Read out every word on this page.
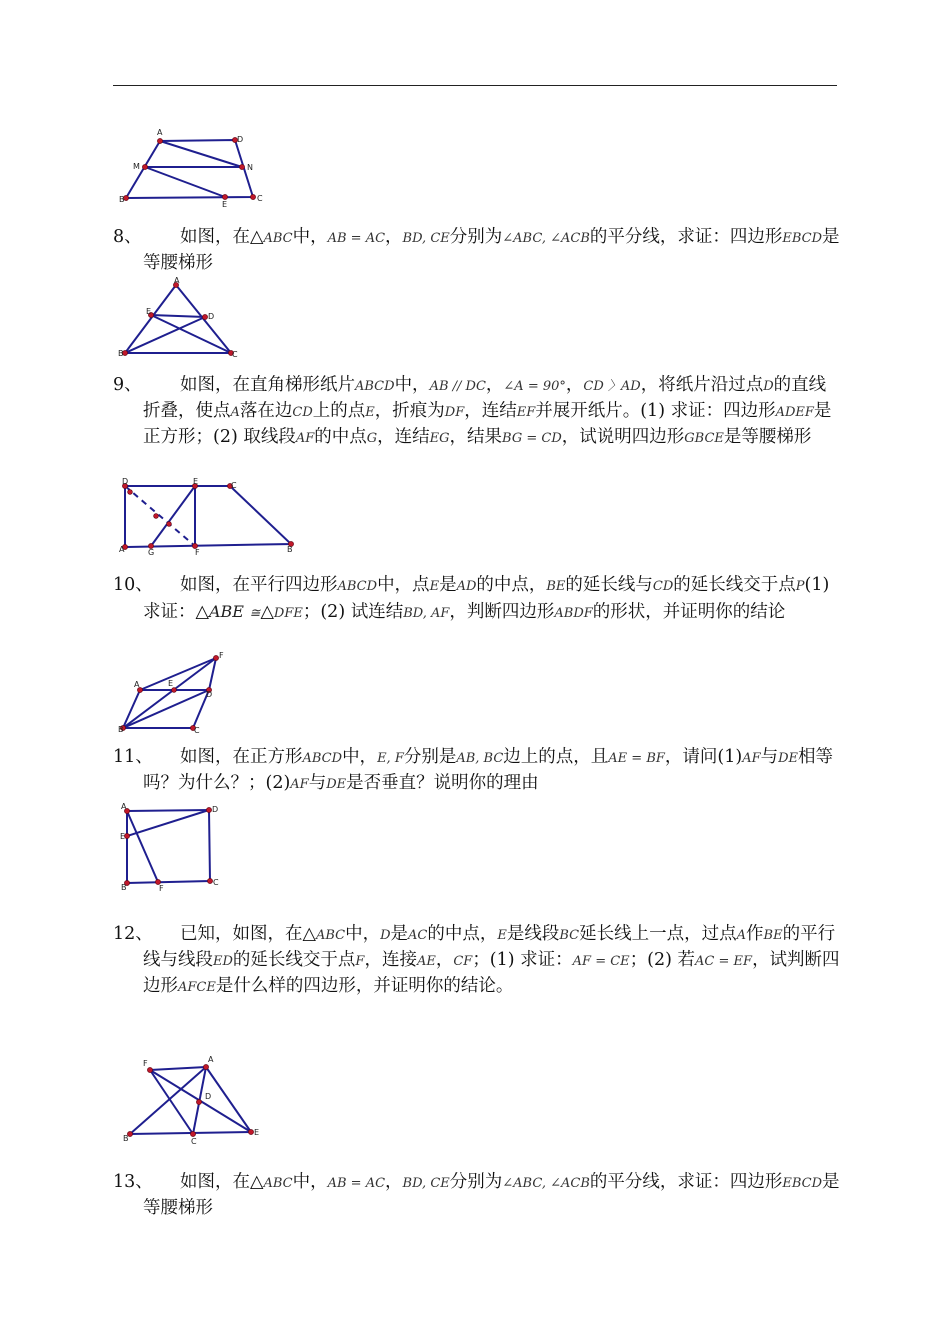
A
D
M	N
B
E
C
8、	如图，在△ABC中，AB = AC，BD, CE分别为∠ABC, ∠ACB的平分线，求证：四边形EBCD是等腰梯形
A
E
D
B	C
9、	如图，在直角梯形纸片ABCD中，AB // DC，∠A = 90°，CD 〉AD，将纸片沿过点D的直线折叠，使点A落在边CD上的点E，折痕为DF，连结EF并展开纸片。(1) 求证：四边形ADEF是正方形；(2) 取线段AF的中点G，连结EG，结果BG = CD，试说明四边形GBCE是等腰梯形
D	E	C
A	G	F	B
10、	如图，在平行四边形ABCD中，点E是AD的中点，BE的延长线与CD的延长线交于点P(1) 求证：△ABE ≅△DFE；(2) 试连结BD, AF，判断四边形ABDF的形状，并证明你的结论
F
A	E
D
B	C
11、	如图，在正方形ABCD中，E, F分别是AB, BC边上的点，且AE = BF，请问(1)AF与DE相等吗？为什么？；(2)AF与DE是否垂直？说明你的理由
A	D
E
B	F
C
12、	已知，如图，在△ABC中，D是AC的中点，E是线段BC延长线上一点，过点A作BE的平行线与线段ED的延长线交于点F，连接AE，CF；(1) 求证：AF = CE；(2) 若AC = EF，试判断四边形AFCE是什么样的四边形，并证明你的结论。
F	A
D
B	C
E
13、	如图，在△ABC中，AB = AC，BD, CE分别为∠ABC, ∠ACB的平分线，求证：四边形EBCD是等腰梯形
